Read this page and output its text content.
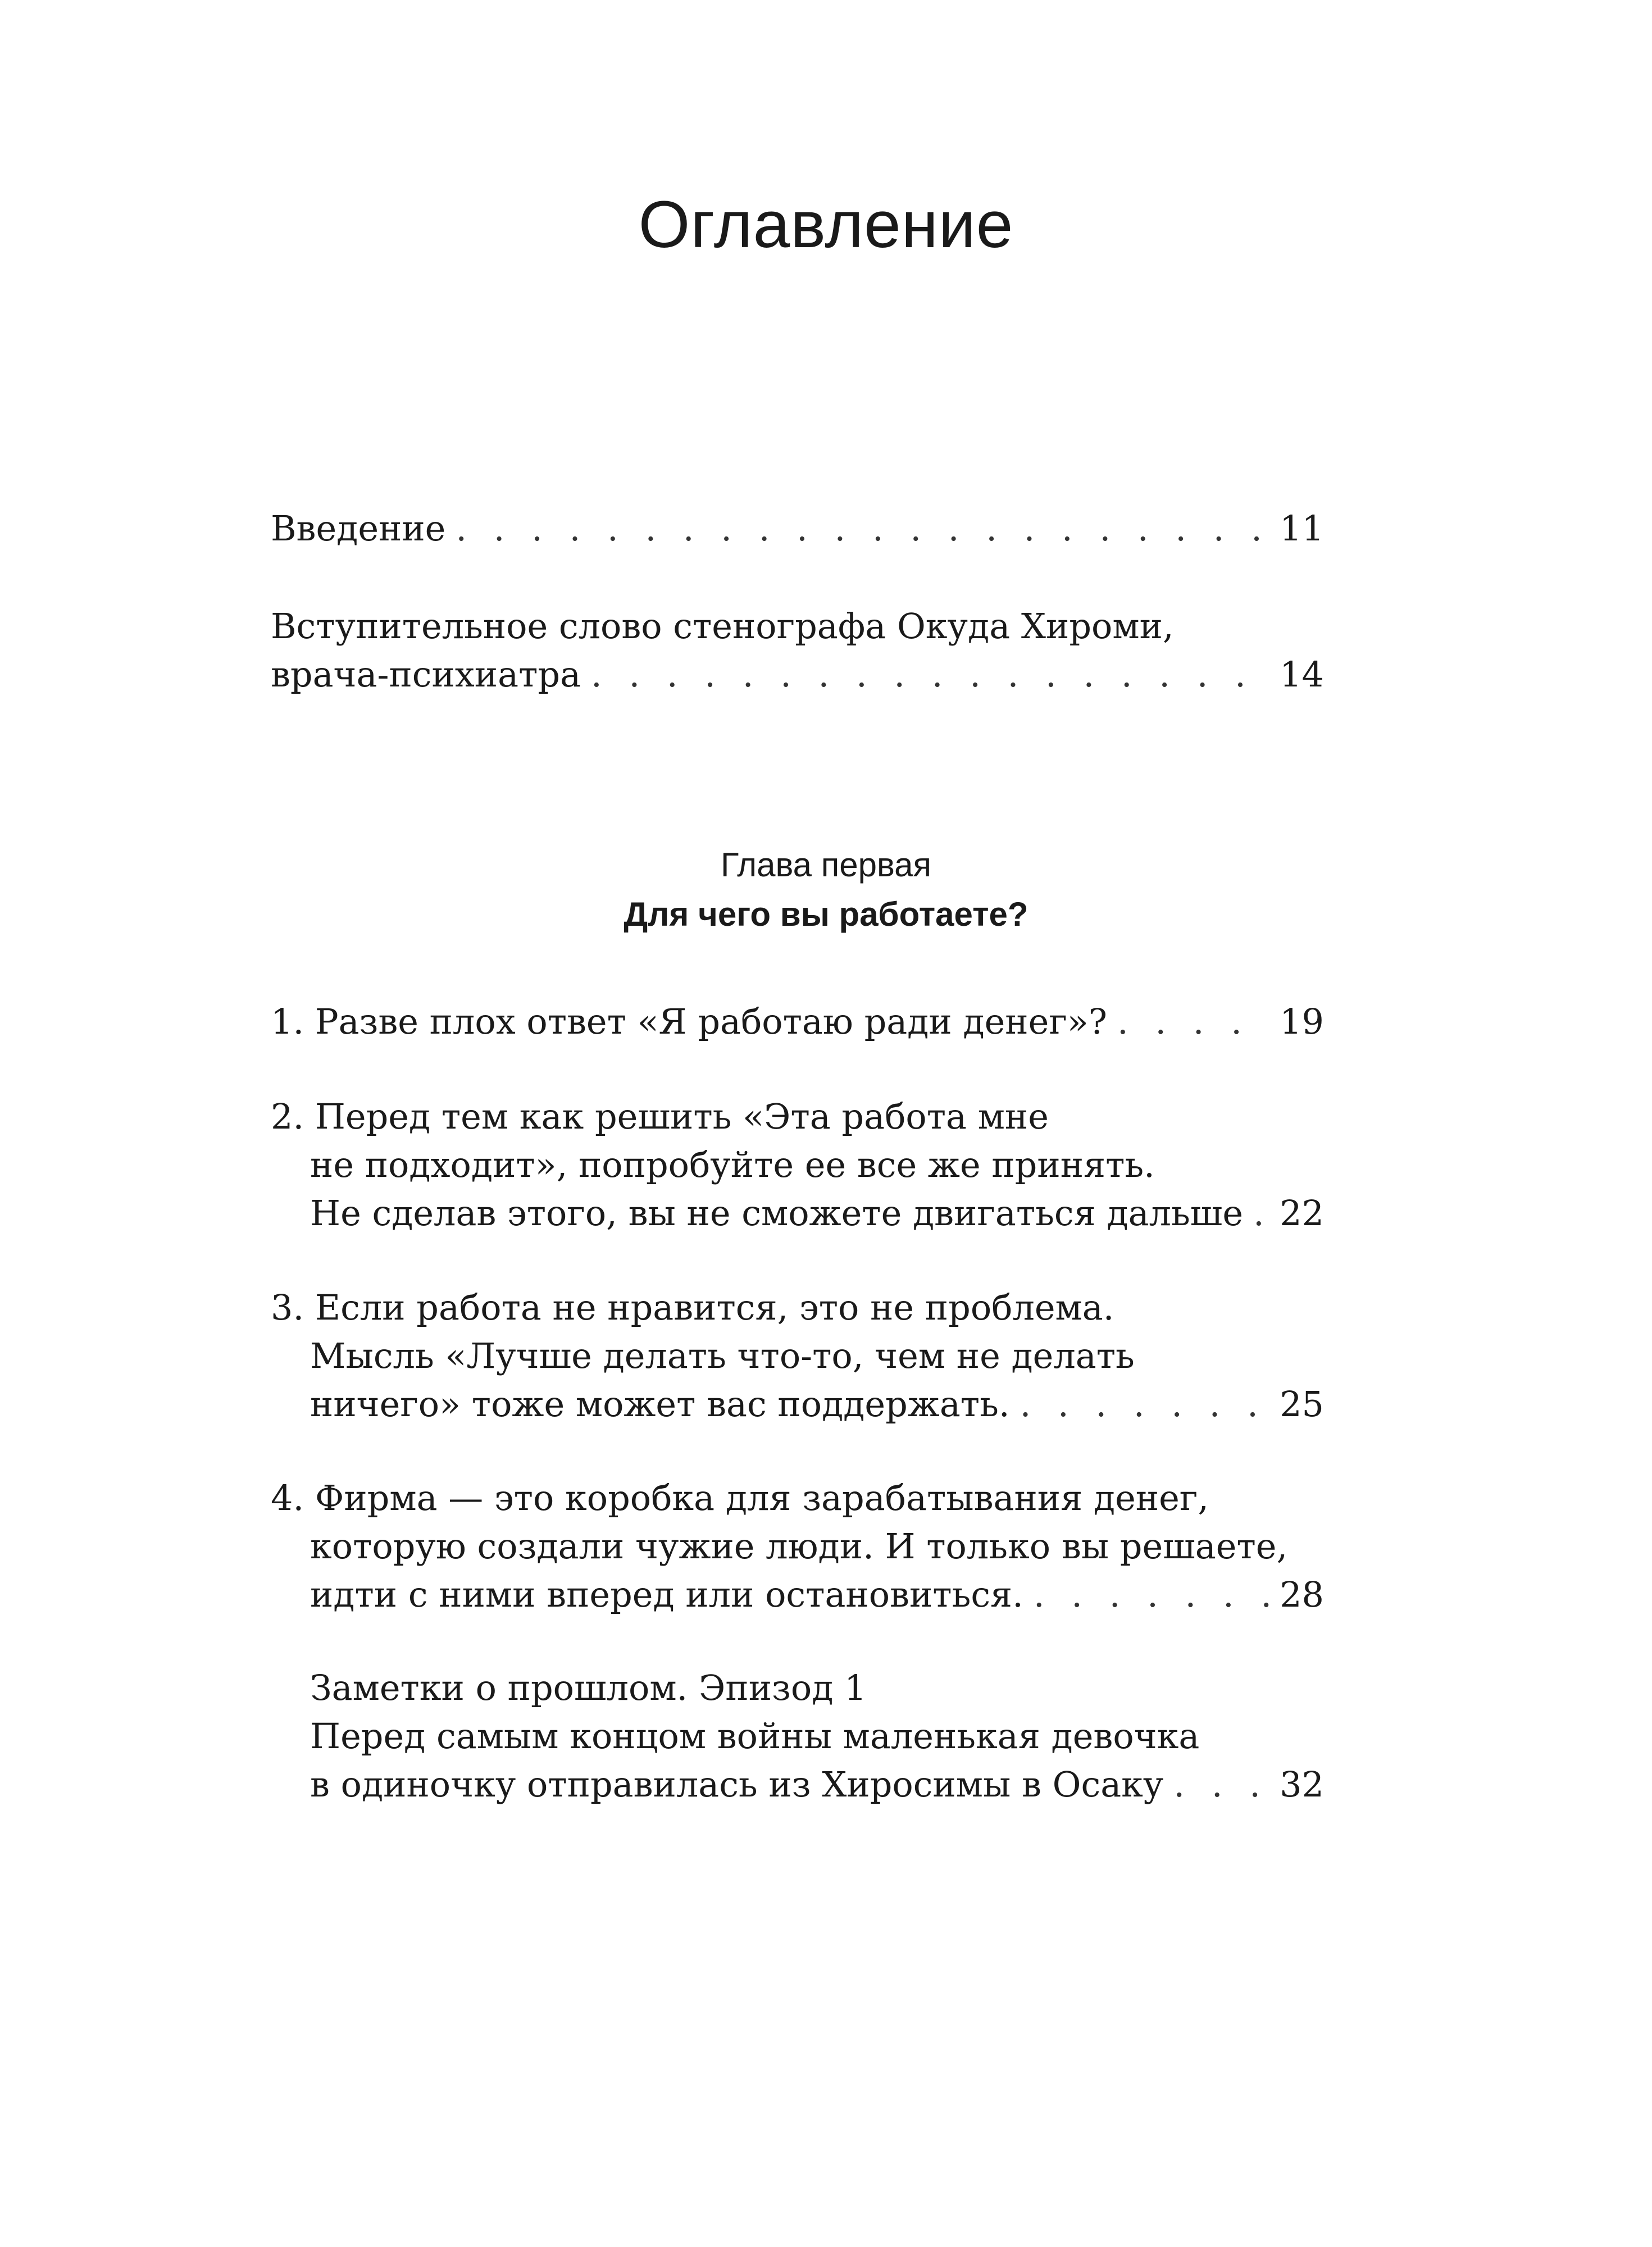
Оглавление
Введение . . .	11
Вступительное слово стенографа Окуда Хироми,
врача-психиатра . . .	14
Глава первая
Для чего вы работаете?
1. Разве плох ответ «Я работаю ради денег»? . . .	19
2. Перед тем как решить «Эта работа мне
не подходит», попробуйте ее все же принять.
Не сделав этого, вы не сможете двигаться дальше . . . 22
3. Если работа не нравится, это не проблема.
Мысль «Лучше делать что-то, чем не делать
ничего» тоже может вас поддержать. . . .	25
4. Фирма — это коробка для зарабатывания денег,
которую создали чужие люди. И только вы решаете,
идти с ними вперед или остановиться. . . .	28
Заметки о прошлом. Эпизод 1
Перед самым концом войны маленькая девочка
в одиночку отправилась из Хиросимы в Осаку . . .	32
